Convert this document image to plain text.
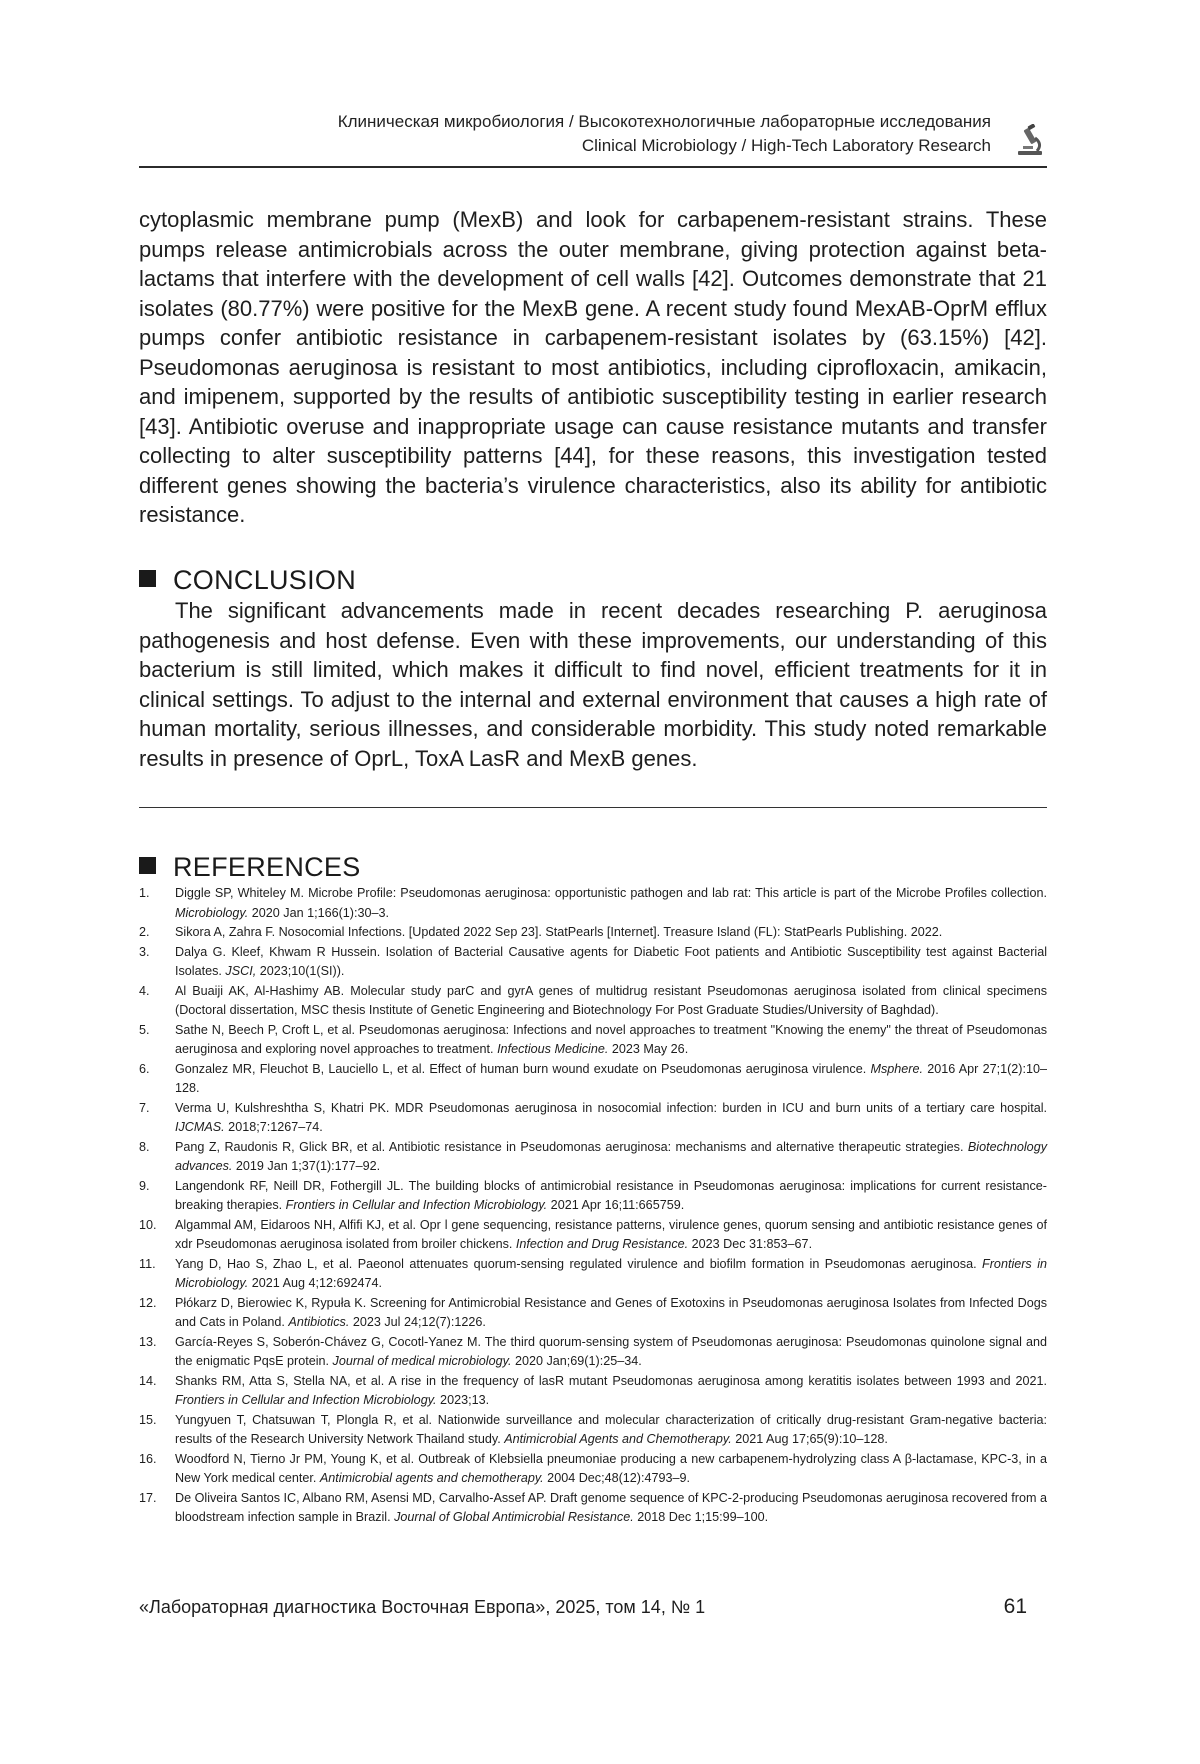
Клиническая микробиология / Высокотехнологичные лабораторные исследования
Clinical Microbiology / High-Tech Laboratory Research
cytoplasmic membrane pump (MexB) and look for carbapenem-resistant strains. These pumps release antimicrobials across the outer membrane, giving protection against beta-lactams that interfere with the development of cell walls [42]. Outcomes demonstrate that 21 isolates (80.77%) were positive for the MexB gene. A recent study found MexAB-OprM efflux pumps confer antibiotic resistance in carbapenem-resistant isolates by (63.15%) [42]. Pseudomonas aeruginosa is resistant to most antibiotics, including ciprofloxacin, amikacin, and imipenem, supported by the results of antibiotic susceptibility testing in earlier research [43]. Antibiotic overuse and inappropriate usage can cause resistance mutants and transfer collecting to alter susceptibility patterns [44], for these reasons, this investigation tested different genes showing the bacteria’s virulence characteristics, also its ability for antibiotic resistance.
CONCLUSION
The significant advancements made in recent decades researching P. aeruginosa pathogenesis and host defense. Even with these improvements, our understanding of this bacterium is still limited, which makes it difficult to find novel, efficient treatments for it in clinical settings. To adjust to the internal and external environment that causes a high rate of human mortality, serious illnesses, and considerable morbidity. This study noted remarkable results in presence of OprL, ToxA LasR and MexB genes.
REFERENCES
1. Diggle SP, Whiteley M. Microbe Profile: Pseudomonas aeruginosa: opportunistic pathogen and lab rat: This article is part of the Microbe Profiles collection. Microbiology. 2020 Jan 1;166(1):30–3.
2. Sikora A, Zahra F. Nosocomial Infections. [Updated 2022 Sep 23]. StatPearls [Internet]. Treasure Island (FL): StatPearls Publishing. 2022.
3. Dalya G. Kleef, Khwam R Hussein. Isolation of Bacterial Causative agents for Diabetic Foot patients and Antibiotic Susceptibility test against Bacterial Isolates. JSCI, 2023;10(1(SI)).
4. Al Buaiji AK, Al-Hashimy AB. Molecular study parC and gyrA genes of multidrug resistant Pseudomonas aeruginosa isolated from clinical specimens (Doctoral dissertation, MSC thesis Institute of Genetic Engineering and Biotechnology For Post Graduate Studies/University of Baghdad).
5. Sathe N, Beech P, Croft L, et al. Pseudomonas aeruginosa: Infections and novel approaches to treatment "Knowing the enemy" the threat of Pseudomonas aeruginosa and exploring novel approaches to treatment. Infectious Medicine. 2023 May 26.
6. Gonzalez MR, Fleuchot B, Lauciello L, et al. Effect of human burn wound exudate on Pseudomonas aeruginosa virulence. Msphere. 2016 Apr 27;1(2):10–128.
7. Verma U, Kulshreshtha S, Khatri PK. MDR Pseudomonas aeruginosa in nosocomial infection: burden in ICU and burn units of a tertiary care hospital. IJCMAS. 2018;7:1267–74.
8. Pang Z, Raudonis R, Glick BR, et al. Antibiotic resistance in Pseudomonas aeruginosa: mechanisms and alternative therapeutic strategies. Biotechnology advances. 2019 Jan 1;37(1):177–92.
9. Langendonk RF, Neill DR, Fothergill JL. The building blocks of antimicrobial resistance in Pseudomonas aeruginosa: implications for current resistance-breaking therapies. Frontiers in Cellular and Infection Microbiology. 2021 Apr 16;11:665759.
10. Algammal AM, Eidaroos NH, Alfifi KJ, et al. Opr l gene sequencing, resistance patterns, virulence genes, quorum sensing and antibiotic resistance genes of xdr Pseudomonas aeruginosa isolated from broiler chickens. Infection and Drug Resistance. 2023 Dec 31:853–67.
11. Yang D, Hao S, Zhao L, et al. Paeonol attenuates quorum-sensing regulated virulence and biofilm formation in Pseudomonas aeruginosa. Frontiers in Microbiology. 2021 Aug 4;12:692474.
12. Płókarz D, Bierowiec K, Rypuła K. Screening for Antimicrobial Resistance and Genes of Exotoxins in Pseudomonas aeruginosa Isolates from Infected Dogs and Cats in Poland. Antibiotics. 2023 Jul 24;12(7):1226.
13. García-Reyes S, Soberón-Chávez G, Cocotl-Yanez M. The third quorum-sensing system of Pseudomonas aeruginosa: Pseudomonas quinolone signal and the enigmatic PqsE protein. Journal of medical microbiology. 2020 Jan;69(1):25–34.
14. Shanks RM, Atta S, Stella NA, et al. A rise in the frequency of lasR mutant Pseudomonas aeruginosa among keratitis isolates between 1993 and 2021. Frontiers in Cellular and Infection Microbiology. 2023;13.
15. Yungyuen T, Chatsuwan T, Plongla R, et al. Nationwide surveillance and molecular characterization of critically drug-resistant Gram-negative bacteria: results of the Research University Network Thailand study. Antimicrobial Agents and Chemotherapy. 2021 Aug 17;65(9):10–128.
16. Woodford N, Tierno Jr PM, Young K, et al. Outbreak of Klebsiella pneumoniae producing a new carbapenem-hydrolyzing class A β-lactamase, KPC-3, in a New York medical center. Antimicrobial agents and chemotherapy. 2004 Dec;48(12):4793–9.
17. De Oliveira Santos IC, Albano RM, Asensi MD, Carvalho-Assef AP. Draft genome sequence of KPC-2-producing Pseudomonas aeruginosa recovered from a bloodstream infection sample in Brazil. Journal of Global Antimicrobial Resistance. 2018 Dec 1;15:99–100.
«Лабораторная диагностика Восточная Европа», 2025, том 14, № 1	61
